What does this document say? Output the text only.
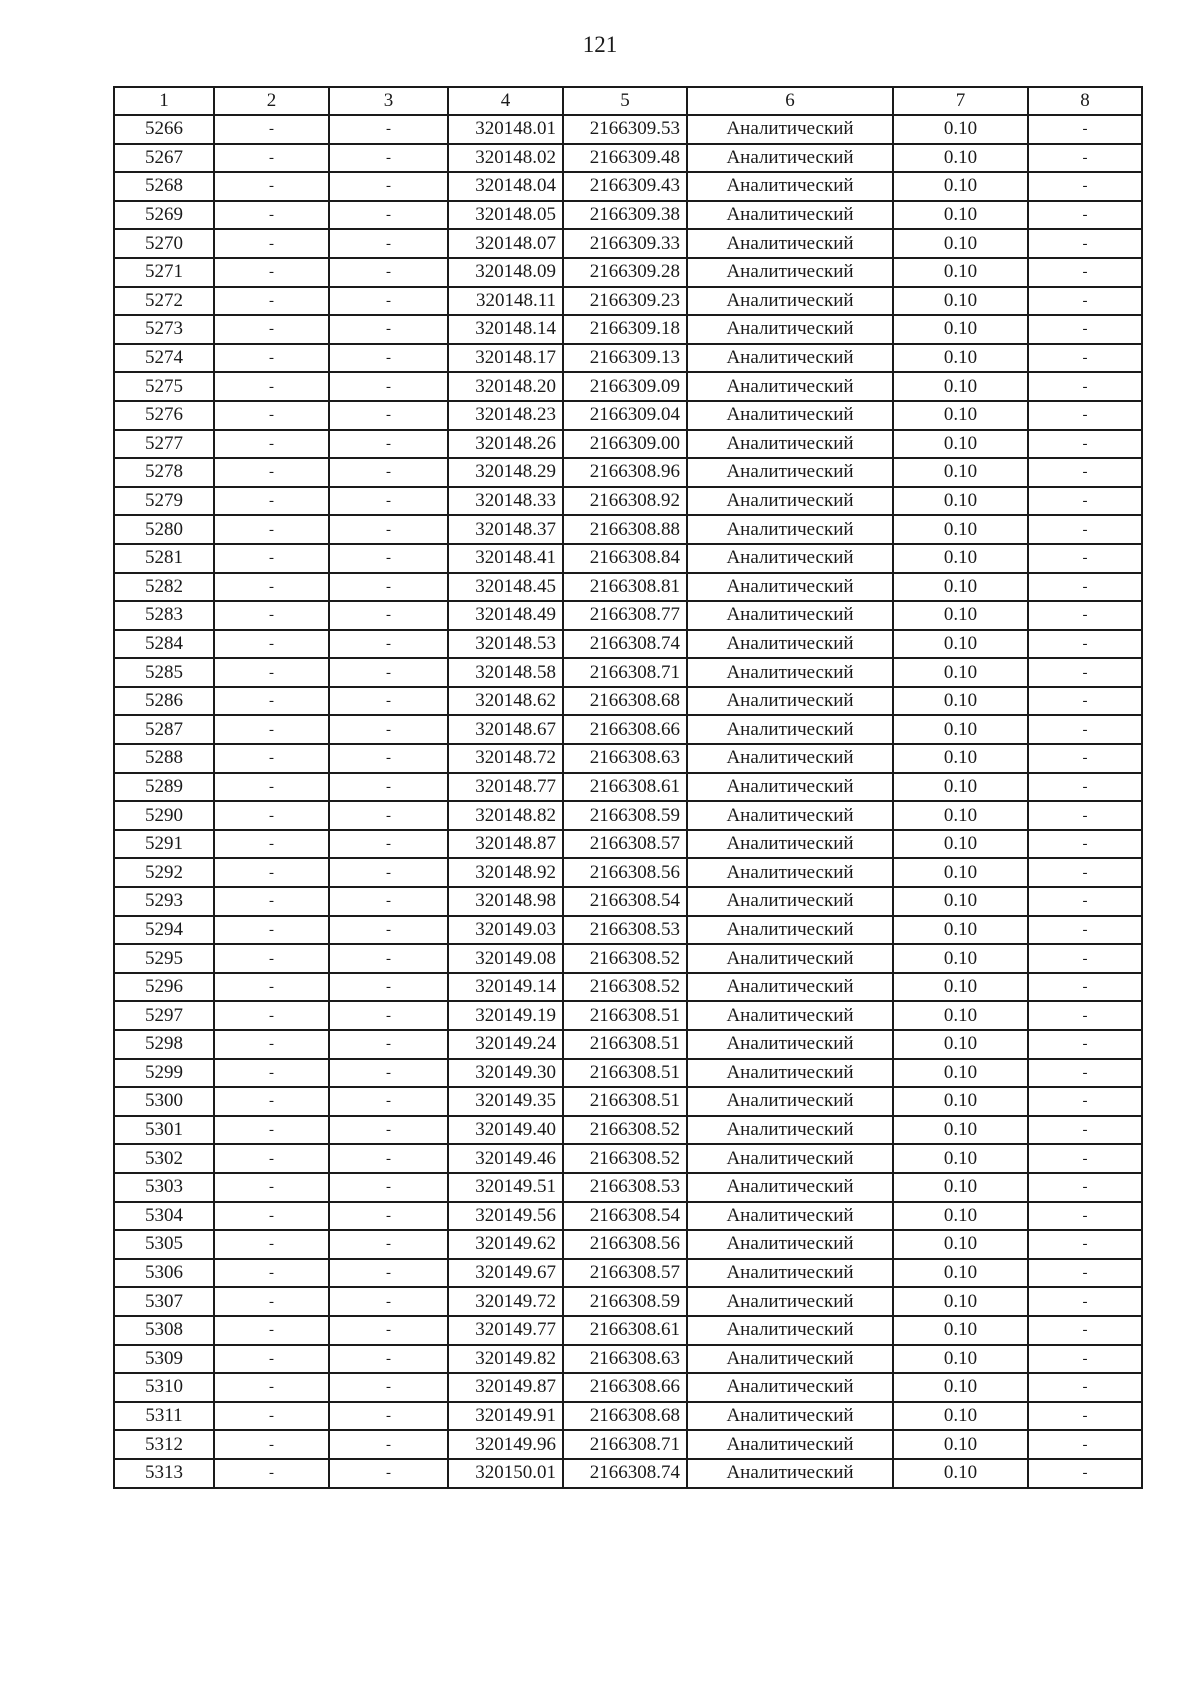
121
1	2	3	4	5	6	7	8
5266	-	-	320148.01	2166309.53	Аналитический	0.10	-
5267	-	-	320148.02	2166309.48	Аналитический	0.10	-
5268	-	-	320148.04	2166309.43	Аналитический	0.10	-
5269	-	-	320148.05	2166309.38	Аналитический	0.10	-
5270	-	-	320148.07	2166309.33	Аналитический	0.10	-
5271	-	-	320148.09	2166309.28	Аналитический	0.10	-
5272	-	-	320148.11	2166309.23	Аналитический	0.10	-
5273	-	-	320148.14	2166309.18	Аналитический	0.10	-
5274	-	-	320148.17	2166309.13	Аналитический	0.10	-
5275	-	-	320148.20	2166309.09	Аналитический	0.10	-
5276	-	-	320148.23	2166309.04	Аналитический	0.10	-
5277	-	-	320148.26	2166309.00	Аналитический	0.10	-
5278	-	-	320148.29	2166308.96	Аналитический	0.10	-
5279	-	-	320148.33	2166308.92	Аналитический	0.10	-
5280	-	-	320148.37	2166308.88	Аналитический	0.10	-
5281	-	-	320148.41	2166308.84	Аналитический	0.10	-
5282	-	-	320148.45	2166308.81	Аналитический	0.10	-
5283	-	-	320148.49	2166308.77	Аналитический	0.10	-
5284	-	-	320148.53	2166308.74	Аналитический	0.10	-
5285	-	-	320148.58	2166308.71	Аналитический	0.10	-
5286	-	-	320148.62	2166308.68	Аналитический	0.10	-
5287	-	-	320148.67	2166308.66	Аналитический	0.10	-
5288	-	-	320148.72	2166308.63	Аналитический	0.10	-
5289	-	-	320148.77	2166308.61	Аналитический	0.10	-
5290	-	-	320148.82	2166308.59	Аналитический	0.10	-
5291	-	-	320148.87	2166308.57	Аналитический	0.10	-
5292	-	-	320148.92	2166308.56	Аналитический	0.10	-
5293	-	-	320148.98	2166308.54	Аналитический	0.10	-
5294	-	-	320149.03	2166308.53	Аналитический	0.10	-
5295	-	-	320149.08	2166308.52	Аналитический	0.10	-
5296	-	-	320149.14	2166308.52	Аналитический	0.10	-
5297	-	-	320149.19	2166308.51	Аналитический	0.10	-
5298	-	-	320149.24	2166308.51	Аналитический	0.10	-
5299	-	-	320149.30	2166308.51	Аналитический	0.10	-
5300	-	-	320149.35	2166308.51	Аналитический	0.10	-
5301	-	-	320149.40	2166308.52	Аналитический	0.10	-
5302	-	-	320149.46	2166308.52	Аналитический	0.10	-
5303	-	-	320149.51	2166308.53	Аналитический	0.10	-
5304	-	-	320149.56	2166308.54	Аналитический	0.10	-
5305	-	-	320149.62	2166308.56	Аналитический	0.10	-
5306	-	-	320149.67	2166308.57	Аналитический	0.10	-
5307	-	-	320149.72	2166308.59	Аналитический	0.10	-
5308	-	-	320149.77	2166308.61	Аналитический	0.10	-
5309	-	-	320149.82	2166308.63	Аналитический	0.10	-
5310	-	-	320149.87	2166308.66	Аналитический	0.10	-
5311	-	-	320149.91	2166308.68	Аналитический	0.10	-
5312	-	-	320149.96	2166308.71	Аналитический	0.10	-
5313	-	-	320150.01	2166308.74	Аналитический	0.10	-
